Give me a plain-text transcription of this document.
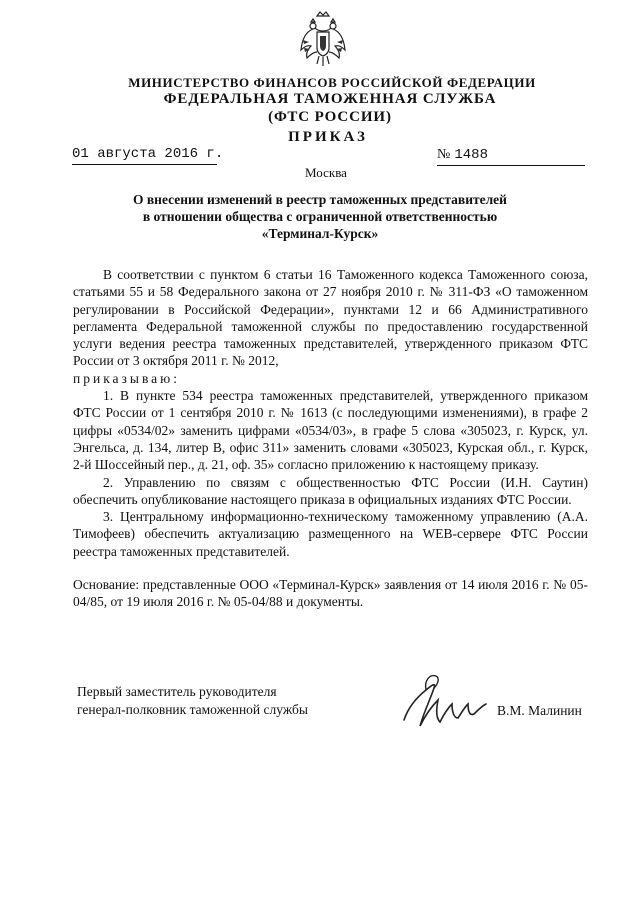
МИНИСТЕРСТВО ФИНАНСОВ РОССИЙСКОЙ ФЕДЕРАЦИИ
ФЕДЕРАЛЬНАЯ ТАМОЖЕННАЯ СЛУЖБА
(ФТС РОССИИ)
ПРИКАЗ
01 августа 2016 г.	№ 1488
Москва
О внесении изменений в реестр таможенных представителей
в отношении общества с ограниченной ответственностью
«Терминал-Курск»

В соответствии с пунктом 6 статьи 16 Таможенного кодекса Таможенного союза, статьями 55 и 58 Федерального закона от 27 ноября 2010 г. № 311-ФЗ «О таможенном регулировании в Российской Федерации», пунктами 12 и 66 Административного регламента Федеральной таможенной службы по предоставлению государственной услуги ведения реестра таможенных представителей, утвержденного приказом ФТС России от 3 октября 2011 г. № 2012,

приказываю:

1. В пункте 534 реестра таможенных представителей, утвержденного приказом ФТС России от 1 сентября 2010 г. № 1613 (с последующими изменениями), в графе 2 цифры «0534/02» заменить цифрами «0534/03», в графе 5 слова «305023, г. Курск, ул. Энгельса, д. 134, литер В, офис 311» заменить словами «305023, Курская обл., г. Курск, 2-й Шоссейный пер., д. 21, оф. 35» согласно приложению к настоящему приказу.

2. Управлению по связям с общественностью ФТС России (И.Н. Саутин) обеспечить опубликование настоящего приказа в официальных изданиях ФТС России.

3. Центральному информационно-техническому таможенному управлению (А.А. Тимофеев) обеспечить актуализацию размещенного на WEB-сервере ФТС России реестра таможенных представителей.

Основание: представленные ООО «Терминал-Курск» заявления от 14 июля 2016 г. № 05-04/85, от 19 июля 2016 г. № 05-04/88 и документы.

Первый заместитель руководителя
генерал-полковник таможенной службы	В.М. Малинин
